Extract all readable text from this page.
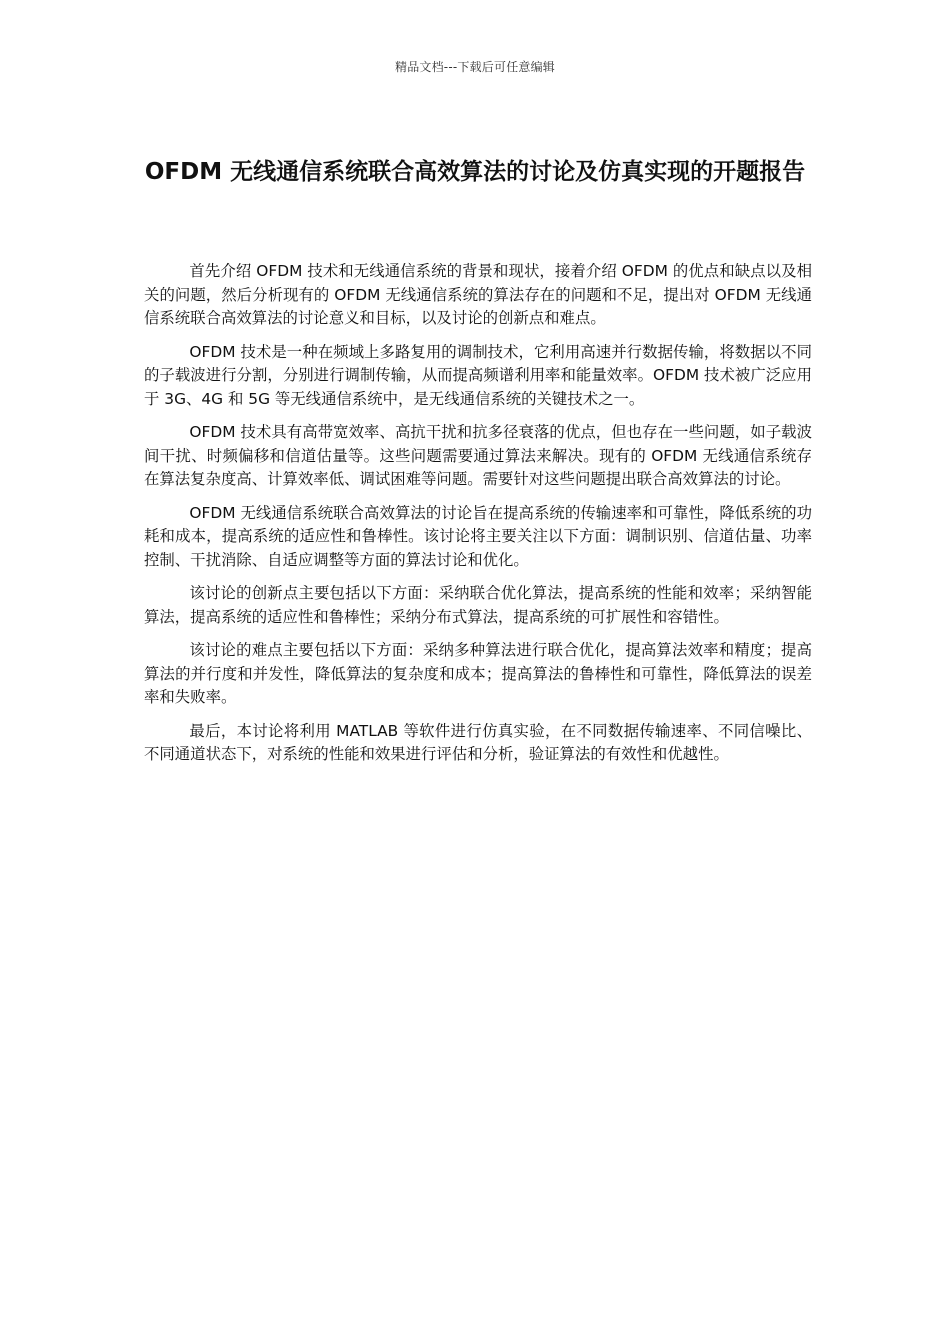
精品文档---下载后可任意编辑
OFDM 无线通信系统联合高效算法的讨论及仿真实现的开题报告

首先介绍 OFDM 技术和无线通信系统的背景和现状，接着介绍 OFDM 的优点和缺点以及相关的问题，然后分析现有的 OFDM 无线通信系统的算法存在的问题和不足，提出对 OFDM 无线通信系统联合高效算法的讨论意义和目标，以及讨论的创新点和难点。

OFDM 技术是一种在频域上多路复用的调制技术，它利用高速并行数据传输，将数据以不同的子载波进行分割，分别进行调制传输，从而提高频谱利用率和能量效率。OFDM 技术被广泛应用于 3G、4G 和 5G 等无线通信系统中，是无线通信系统的关键技术之一。

OFDM 技术具有高带宽效率、高抗干扰和抗多径衰落的优点，但也存在一些问题，如子载波间干扰、时频偏移和信道估量等。这些问题需要通过算法来解决。现有的 OFDM 无线通信系统存在算法复杂度高、计算效率低、调试困难等问题。需要针对这些问题提出联合高效算法的讨论。

OFDM 无线通信系统联合高效算法的讨论旨在提高系统的传输速率和可靠性，降低系统的功耗和成本，提高系统的适应性和鲁棒性。该讨论将主要关注以下方面：调制识别、信道估量、功率控制、干扰消除、自适应调整等方面的算法讨论和优化。

该讨论的创新点主要包括以下方面：采纳联合优化算法，提高系统的性能和效率；采纳智能算法，提高系统的适应性和鲁棒性；采纳分布式算法，提高系统的可扩展性和容错性。

该讨论的难点主要包括以下方面：采纳多种算法进行联合优化，提高算法效率和精度；提高算法的并行度和并发性，降低算法的复杂度和成本；提高算法的鲁棒性和可靠性，降低算法的误差率和失败率。

最后，本讨论将利用 MATLAB 等软件进行仿真实验，在不同数据传输速率、不同信噪比、不同通道状态下，对系统的性能和效果进行评估和分析，验证算法的有效性和优越性。
